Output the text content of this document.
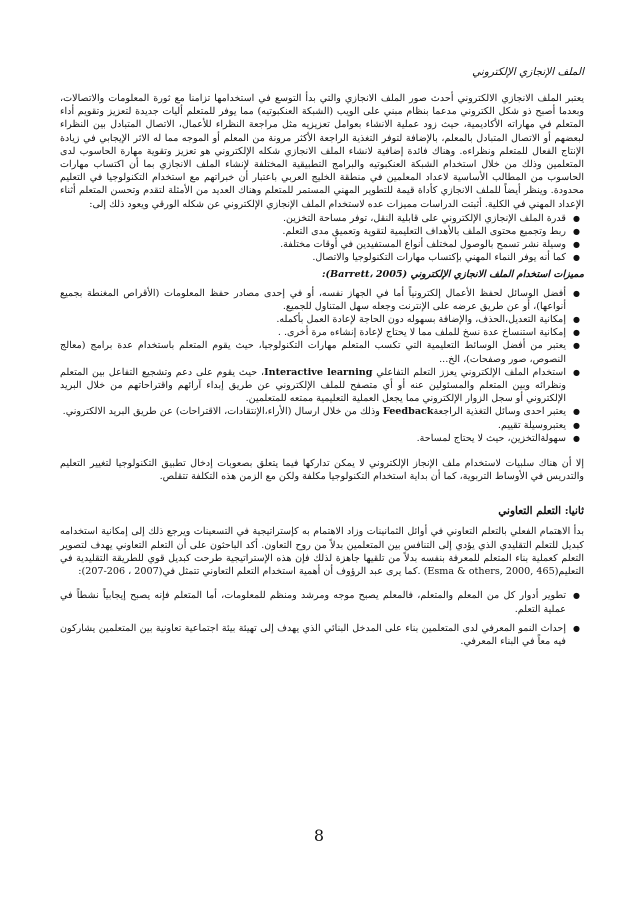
الملف الإنجازي الإلكتروني

يعتبر الملف الانجازي الالكتروني أحدث صور الملف الانجازي والتي بدأ التوسع في استخدامها تزامنا مع ثورة المعلومات والاتصالات، وبعدما أصبح ذو شكل الكتروني مدعما بنظام مبني على الويب (الشبكة العنكبوتيه) مما يوفر للمتعلم أليات جديدة لتعزيز وتقويم أداء المتعلم في مهاراته الأكاديمية، حيث زود عملية الانشاء بعوامل تعزيزيه مثل مراجعة النظراء للأعمال، الاتصال المتبادل بين النظراء لبعضهم أو الاتصال المتبادل بالمعلم، بالإضافة لتوفر التغذية الراجعة الأكثر مرونة من المعلم أو الموجه مما له الاثر الإيجابي في زيادة الإنتاج الفعال للمتعلم ونظراءه. وهناك فائدة إضافية لانشاء الملف الانجازي شكله الإلكتروني هو تعزيز وتقوية مهارة الحاسوب لدى المتعلمين وذلك من خلال استخدام الشبكة العنكبوتيه والبرامج التطبيقية المختلفة لإنشاء الملف الانجازي بما أن اكتساب مهارات الحاسوب من المطالب الأساسية لاعداد المعلمين في منطقة الخليج العربي باعتبار أن خبراتهم مع استخدام التكنولوجيا في التعليم محدودة. وينظر أيضاً للملف الانجازي كأداة قيمة للتطوير المهني المستمر للمتعلم وهناك العديد من الأمثلة لتقدم وتحسن المتعلم أثناء الإعداد المهني في الكلية. أثبتت الدراسات مميزات عده لاستخدام الملف الإنجازي الإلكتروني عن شكله الورقي ويعود ذلك إلى:

● قدرة الملف الإنجازي الإلكتروني على قابلية النقل، توفر مساحة التخزين.
● ربط وتجميع محتوى الملف بالأهداف التعليمية لتقوية وتعميق مدى التعلم.
● وسيلة نشر تسمح بالوصول لمختلف أنواع المستفيدين في أوقات مختلفة.
● كما أنه يوفر النماء المهني بإكتساب مهارات التكنولوجيا والاتصال.
مميزات استخدام الملف الانجازي الإلكتروني (Barrett، 2005):
● أفضل الوسائل لحفظ الأعمال إلكترونياً أما في الجهاز نفسه، أو في إحدى مصادر حفظ المعلومات (الأقراص المغنطة بجميع أنواعها)، أو عن طريق عرضه على الإنترنت وجعله سهل المتناول للجميع.
● إمكانية التعديل،الحذف، والإضافة بسهوله دون الحاجة لإعادة العمل بأكمله.
● إمكانية استنساخ عدة نسخ للملف مما لا يحتاج لإعادة إنشاءه مرة أخرى. .
● يعتبر من أفضل الوسائط التعليمية التي تكسب المتعلم مهارات التكنولوجيا، حيث يقوم المتعلم باستخدام عدة برامج (معالج النصوص، صور وصفحات)، الخ...
● استخدام الملف الإلكتروني يعزز التعلم التفاعلي Interactive learning، حيث يقوم على دعم وتشجيع التفاعل بين المتعلم ونظرائه وبين المتعلم والمسئولين عنه أو أي متصفح للملف الإلكتروني عن طريق إبداء آرائهم واقتراحاتهم من خلال البريد الإلكتروني أو سجل الزوار الإلكتروني مما يجعل العملية التعليمية ممتعه للمتعلمين.
● يعتبر احدى وسائل التغذية الراجعةFeedback وذلك من خلال ارسال (الأراء،الإنتقادات، الاقتراحات) عن طريق البريد الالكتروني.
● يعتبروسيلة تقييم.
● سهولةالتخزين، حيث لا يحتاج لمساحة.

إلا أن هناك سلبيات لاستخدام ملف الإنجاز الإلكتروني لا يمكن تداركها فيما يتعلق بصعوبات إدخال تطبيق التكنولوجيا لتغيير التعليم والتدريس في الأوساط التربوية، كما أن بداية استخدام التكنولوجيا مكلفة ولكن مع الزمن هذه التكلفة تتقلص.

ثانيا: التعلم التعاوني

بدأ الاهتمام الفعلي بالتعلم التعاوني في أوائل الثمانينات وزاد الاهتمام به كإستراتيجية في التسعينات ويرجع ذلك إلى إمكانية استخدامه كبديل للتعلم التقليدي الذي يؤدي إلى التنافس بين المتعلمين بدلاً من روح التعاون. أكد الباحثون على أن التعلم التعاوني يهدف لتصوير التعلم كعملية بناء المتعلم للمعرفة بنفسه بدلاً من تلقيها جاهزة لذلك فإن هذه الإستراتيجية طرحت كبديل قوي للطريقة التقليدية في التعليم(Esma & others, 2000, 465) .كما يرى عبد الرؤوف أن أهمية استخدام التعلم التعاوني تتمثل في(2007 ، 206-207):

● تطوير أدوار كل من المعلم والمتعلم، فالمعلم يصبح موجه ومرشد ومنظم للمعلومات، أما المتعلم فإنه يصبح إيجابياً نشطاً في عملية التعلم.
● إحداث النمو المعرفي لدى المتعلمين بناء على المدخل البنائي الذي يهدف إلى تهيئة بيئة اجتماعية تعاونية بين المتعلمين يشاركون فيه معاً في البناء المعرفي.
8
